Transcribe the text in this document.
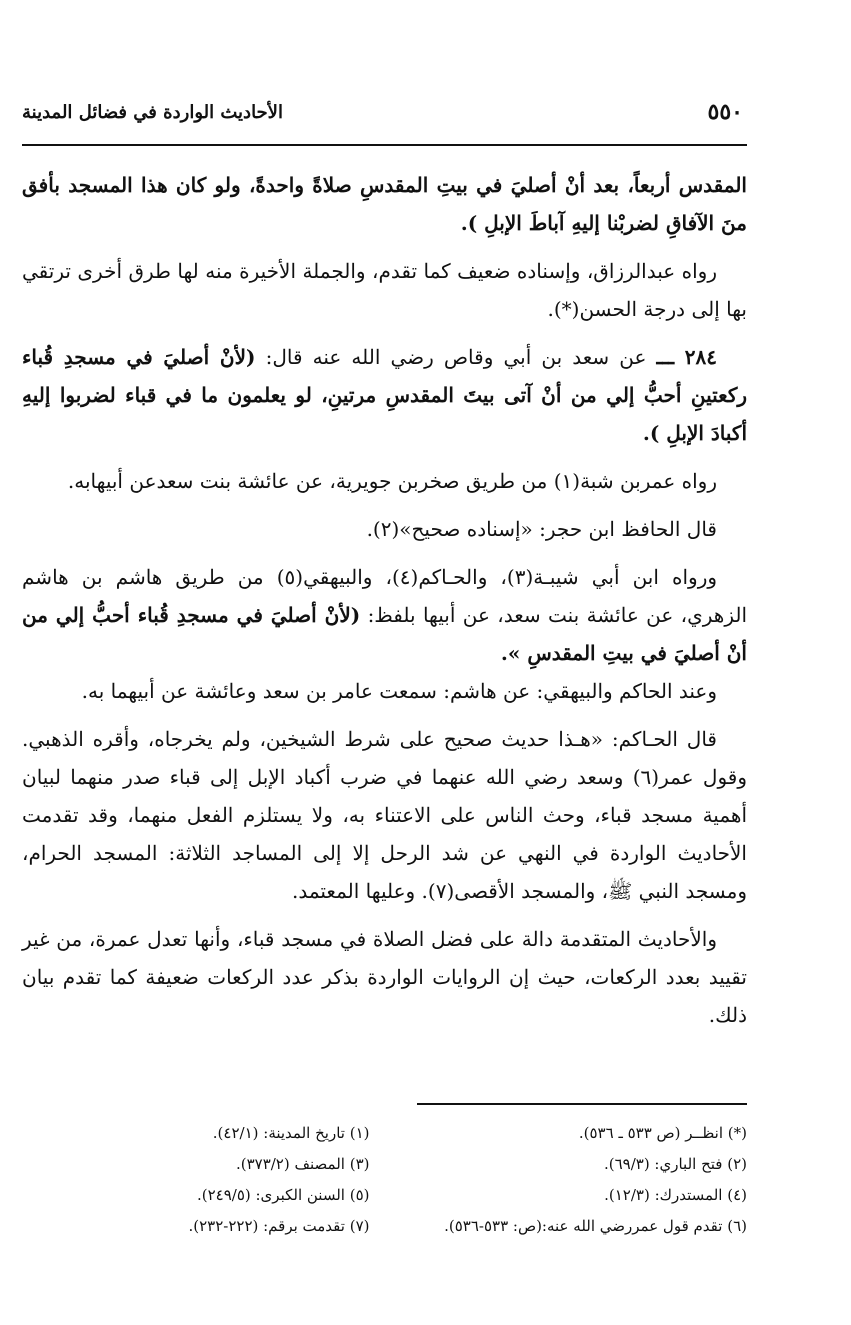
٥٥٠
الأحاديث الواردة في فضائل المدينة

المقدس أربعاً، بعد أنْ أصليَ في بيتِ المقدسِ صلاةً واحدةً، ولو كان هذا المسجد بأفق منَ الآفاقِ لضربْنا إليهِ آباطَ الإبلِ ).

رواه عبدالرزاق، وإسناده ضعيف كما تقدم، والجملة الأخيرة منه لها طرق أخرى ترتقي بها إلى درجة الحسن(*).

٢٨٤ ـــ عن سعد بن أبي وقاص رضي الله عنه قال: (لأنْ أصليَ في مسجدِ قُباء ركعتينِ أحبُّ إلي من أنْ آتى بيتَ المقدسِ مرتينِ، لو يعلمون ما في قباء لضربوا إليهِ أكبادَ الإبلِ ).

رواه عمربن شبة(١) من طريق صخربن جويرية، عن عائشة بنت سعدعن أبيهابه.

قال الحافظ ابن حجر: «إسناده صحيح»(٢).

ورواه ابن أبي شيبـة(٣)، والحـاكم(٤)، والبيهقي(٥) من طريق هاشم بن هاشم الزهري، عن عائشة بنت سعد، عن أبيها بلفظ: (لأنْ أصليَ في مسجدِ قُباء أحبُّ إلي من أنْ أصليَ في بيتِ المقدسِ ».

وعند الحاكم والبيهقي: عن هاشم: سمعت عامر بن سعد وعائشة عن أبيهما به.

قال الحـاكم: «هـذا حديث صحيح على شرط الشيخين، ولم يخرجاه، وأقره الذهبي. وقول عمر(٦) وسعد رضي الله عنهما في ضرب أكباد الإبل إلى قباء صدر منهما لبيان أهمية مسجد قباء، وحث الناس على الاعتناء به، ولا يستلزم الفعل منهما، وقد تقدمت الأحاديث الواردة في النهي عن شد الرحل إلا إلى المساجد الثلاثة: المسجد الحرام، ومسجد النبي ﷺ، والمسجد الأقصى(٧). وعليها المعتمد.

والأحاديث المتقدمة دالة على فضل الصلاة في مسجد قباء، وأنها تعدل عمرة، من غير تقييد بعدد الركعات، حيث إن الروايات الواردة بذكر عدد الركعات ضعيفة كما تقدم بيان ذلك.

(*) انظــر (ص ٥٣٣ ـ ٥٣٦).
(١) تاريخ المدينة: (٤٢/١).
(٢) فتح الباري: (٦٩/٣).
(٣) المصنف (٣٧٣/٢).
(٤) المستدرك: (١٢/٣).
(٥) السنن الكبرى: (٢٤٩/٥).
(٦) تقدم قول عمررضي الله عنه:(ص: ٥٣٣-٥٣٦).
(٧) تقدمت برقم: (٢٢٢-٢٣٢).
